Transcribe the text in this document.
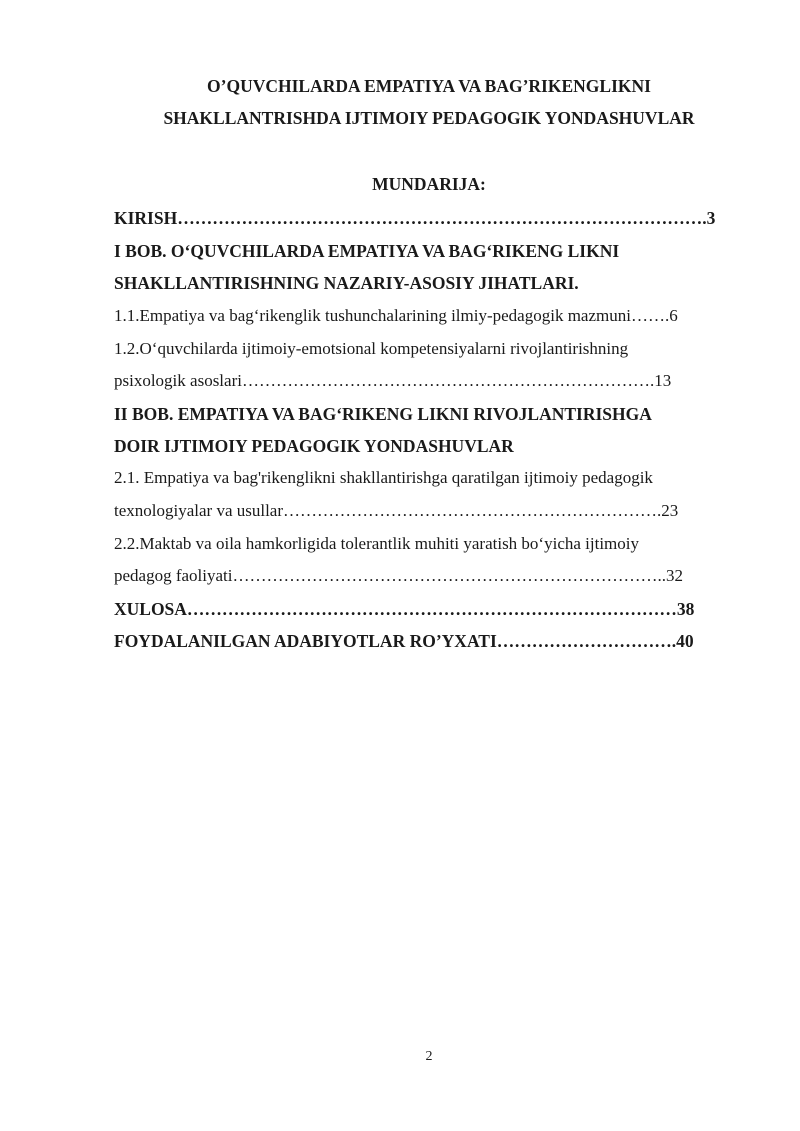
O’QUVCHILARDA EMPATIYA VA BAG’RIKENGLIKNI
SHAKLLANTRISHDA IJTIMOIY PEDAGOGIK YONDASHUVLAR
MUNDARIJA:
KIRISH……………………………………………………………………………….3
I BOB. O‘QUVCHILARDA EMPATIYA VA BAG‘RIKENG LIKNI
SHAKLLANTIRISHNING NAZARIY-ASOSIY JIHATLARI.
1.1.Empatiya va bag‘rikenglik tushunchalarining ilmiy-pedagogik mazmuni…….6
1.2.O‘quvchilarda ijtimoiy-emotsional kompetensiyalarni rivojlantirishning
psixologik asoslari……………………………………………………………….13
II BOB. EMPATIYA VA BAG‘RIKENG LIKNI RIVOJLANTIRISHGA
DOIR IJTIMOIY PEDAGOGIK YONDASHUVLAR
2.1. Empatiya va bag'rikenglikni shakllantirishga qaratilgan ijtimoiy pedagogik
texnologiyalar va usullar………………………………………………………….23
2.2.Maktab va oila hamkorligida tolerantlik muhiti yaratish bo‘yicha ijtimoiy
pedagog faoliyati…………………………………………………………………..32
XULOSA…………………………………………………………………………38
FOYDALANILGAN ADABIYOTLAR RO’YXATI………………………….40
2
